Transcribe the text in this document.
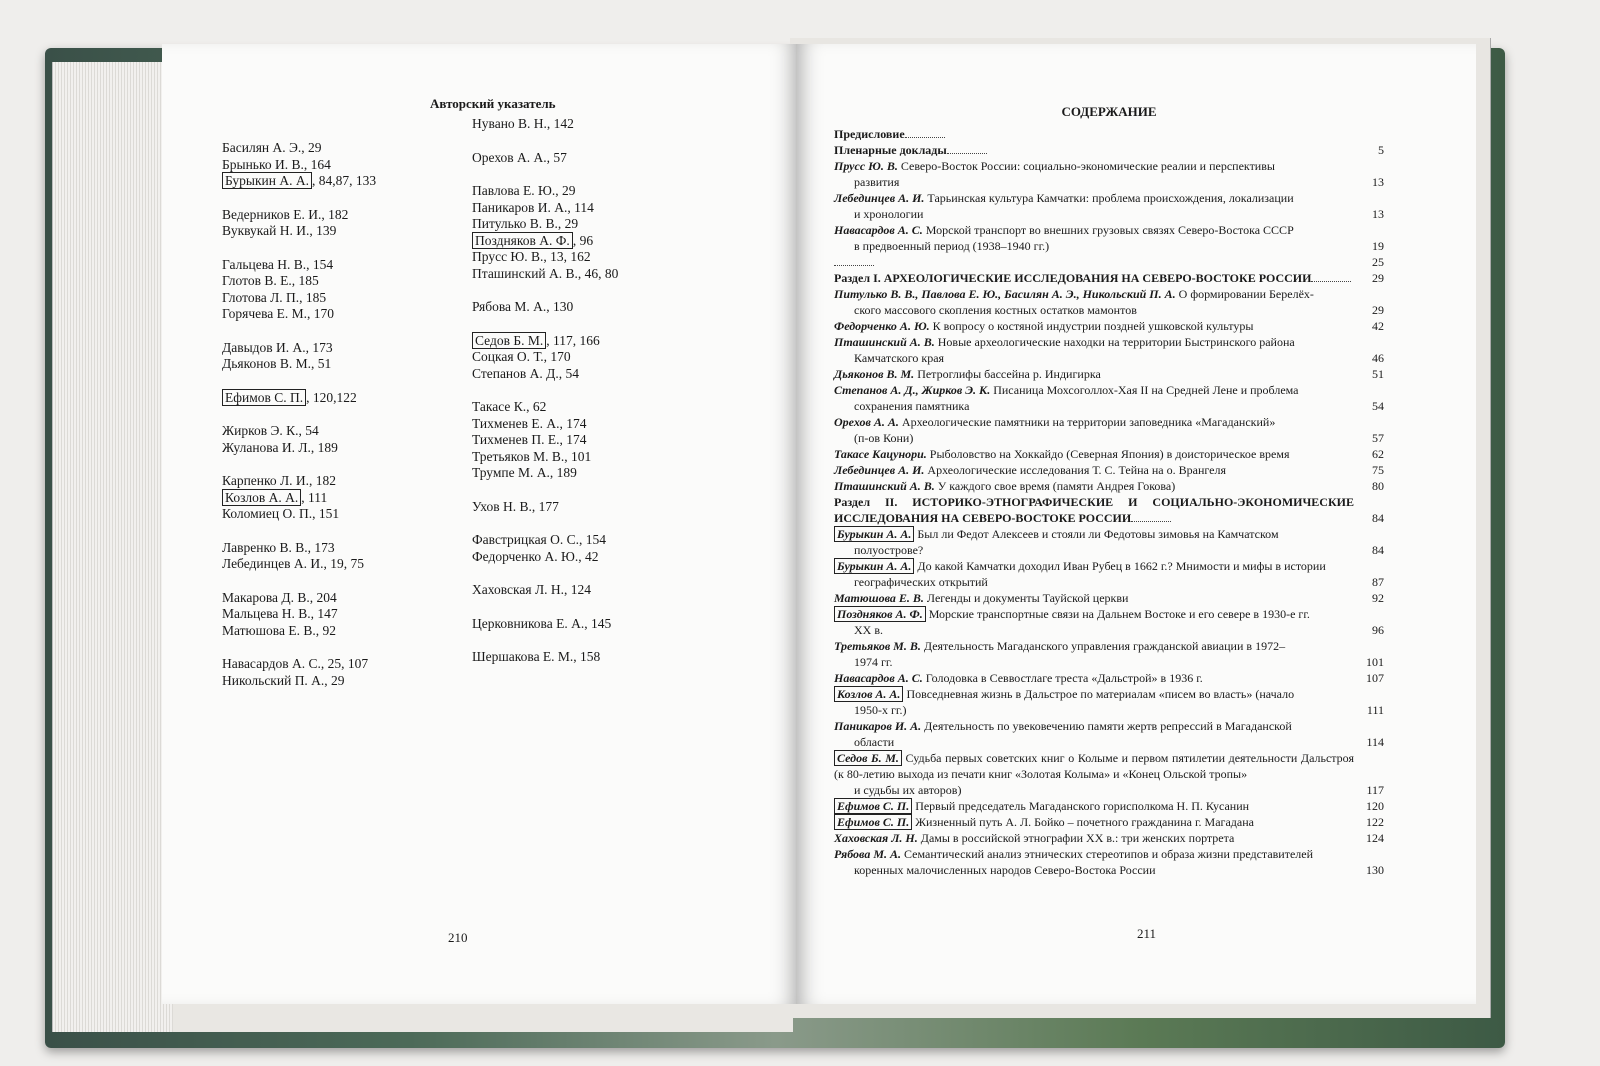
Авторский указатель
Басилян А. Э., 29
Брынько И. В., 164
Бурыкин А. А. , 84,87, 133
Ведерников Е. И., 182
Вуквукай Н. И., 139
Гальцева Н. В., 154
Глотов В. Е., 185
Глотова Л. П., 185
Горячева Е. М., 170
Давыдов И. А., 173
Дьяконов В. М., 51
Ефимов С. П. , 120,122
Жирков Э. К., 54
Жуланова И. Л., 189
Карпенко Л. И., 182
Козлов А. А. , 111
Коломиец О. П., 151
Лавренко В. В., 173
Лебединцев А. И., 19, 75
Макарова Д. В., 204
Мальцева Н. В., 147
Матюшова Е. В., 92
Навасардов А. С., 25, 107
Никольский П. А., 29
Нувано В. Н., 142
Орехов А. А., 57
Павлова Е. Ю., 29
Паникаров И. А., 114
Питулько В. В., 29
Поздняков А. Ф. , 96
Прусс Ю. В., 13, 162
Пташинский А. В., 46, 80
Рябова М. А., 130
Седов Б. М. , 117, 166
Соцкая О. Т., 170
Степанов А. Д., 54
Такасе К., 62
Тихменев Е. А., 174
Тихменев П. Е., 174
Третьяков М. В., 101
Трумпе М. А., 189
Ухов Н. В., 177
Фавстрицкая О. С., 154
Федорченко А. Ю., 42
Хаховская Л. Н., 124
Церковникова Е. А., 145
Шершакова Е. М., 158
210
СОДЕРЖАНИЕ
Предисловие
Пленарные доклады	5
Прусс Ю. В. Северо-Восток России: социально-экономические реалии и перспективы
развития	13
Лебединцев А. И. Тарьинская культура Камчатки: проблема происхождения, локализации
и хронологии	13
Навасардов А. С. Морской транспорт во внешних грузовых связях Северо-Востока СССР
в предвоенный период (1938–1940 гг.)	19
25
Раздел I. АРХЕОЛОГИЧЕСКИЕ ИССЛЕДОВАНИЯ НА СЕВЕРО-ВОСТОКЕ РОССИИ	29
Питулько В. В., Павлова Е. Ю., Басилян А. Э., Никольский П. А. О формировании Берелёх-
ского массового скопления костных остатков мамонтов	29
Федорченко А. Ю. К вопросу о костяной индустрии поздней ушковской культуры	42
Пташинский А. В. Новые археологические находки на территории Быстринского района
Камчатского края	46
Дьяконов В. М. Петроглифы бассейна р. Индигирка	51
Степанов А. Д., Жирков Э. К. Писаница Мохсоголлох-Хая II на Средней Лене и проблема
сохранения памятника	54
Орехов А. А. Археологические памятники на территории заповедника «Магаданский»
(п-ов Кони)	57
Такасе Кацунори. Рыболовство на Хоккайдо (Северная Япония) в доисторическое время	62
Лебединцев А. И. Археологические исследования Т. С. Тейна на о. Врангеля	75
Пташинский А. В. У каждого свое время (памяти Андрея Гокова)	80
Раздел II. ИСТОРИКО-ЭТНОГРАФИЧЕСКИЕ И СОЦИАЛЬНО-ЭКОНОМИЧЕСКИЕ ИССЛЕДОВАНИЯ НА СЕВЕРО-ВОСТОКЕ РОССИИ	84
Бурыкин А. А. Был ли Федот Алексеев и стояли ли Федотовы зимовья на Камчатском
полуострове?	84
Бурыкин А. А. До какой Камчатки доходил Иван Рубец в 1662 г.? Мнимости и мифы в истории
географических открытий	87
Матюшова Е. В. Легенды и документы Тауйской церкви	92
Поздняков А. Ф. Морские транспортные связи на Дальнем Востоке и его севере в 1930-е гг.
XX в.	96
Третьяков М. В. Деятельность Магаданского управления гражданской авиации в 1972–
1974 гг.	101
Навасардов А. С. Голодовка в Севвостлаге треста «Дальстрой» в 1936 г.	107
Козлов А. А. Повседневная жизнь в Дальстрое по материалам «писем во власть» (начало
1950-х гг.)	111
Паникаров И. А. Деятельность по увековечению памяти жертв репрессий в Магаданской
области	114
Седов Б. М. Судьба первых советских книг о Колыме и первом пятилетии деятельности Дальстроя (к 80-летию выхода из печати книг «Золотая Колыма» и «Конец Ольской тропы»
и судьбы их авторов)	117
Ефимов С. П. Первый председатель Магаданского горисполкома Н. П. Кусанин	120
Ефимов С. П. Жизненный путь А. Л. Бойко – почетного гражданина г. Магадана	122
Хаховская Л. Н. Дамы в российской этнографии XX в.: три женских портрета	124
Рябова М. А. Семантический анализ этнических стереотипов и образа жизни представителей
коренных малочисленных народов Северо-Востока России	130
211
